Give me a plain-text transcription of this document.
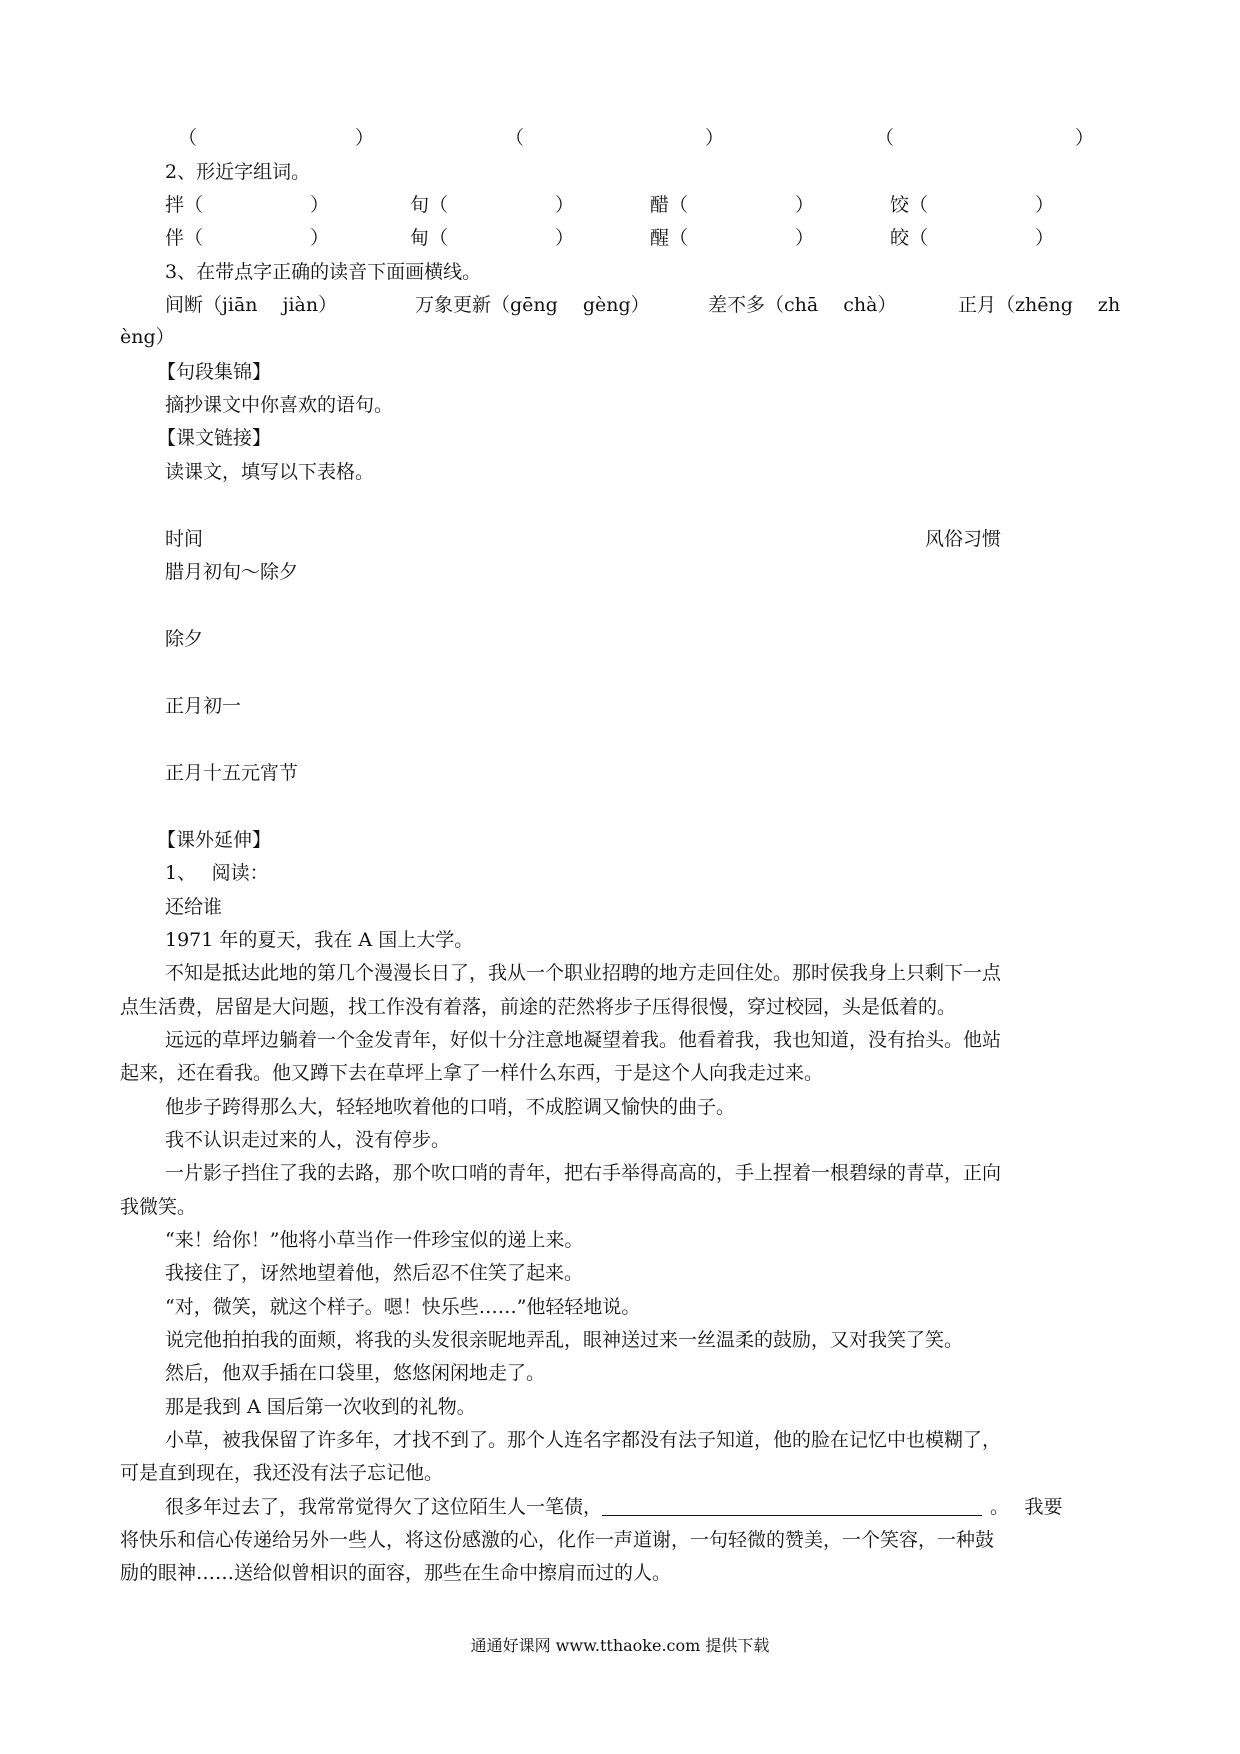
（	）	（	）	（	）
2、形近字组词。
拌（	）	旬（	）	醋（	）	饺（	）
伴（	）	甸（	）	醒（	）	皎（	）
3、在带点字正确的读音下面画横线。
间断（jiān　 jiàn）	万象更新（gēng　 gèng）	差不多（chā　 chà）	正月（zhēng　 zh
èng）
【句段集锦】
摘抄课文中你喜欢的语句。
【课文链接】
读课文，填写以下表格。
时间	风俗习惯
腊月初旬～除夕
除夕
正月初一
正月十五元宵节
【课外延伸】
1、　 阅读：
还给谁
1971 年的夏天，我在 A 国上大学。
不知是抵达此地的第几个漫漫长日了，我从一个职业招聘的地方走回住处。那时侯我身上只剩下一点
点生活费，居留是大问题，找工作没有着落，前途的茫然将步子压得很慢，穿过校园，头是低着的。
远远的草坪边躺着一个金发青年，好似十分注意地凝望着我。他看着我，我也知道，没有抬头。他站
起来，还在看我。他又蹲下去在草坪上拿了一样什么东西，于是这个人向我走过来。
他步子跨得那么大，轻轻地吹着他的口哨，不成腔调又愉快的曲子。
我不认识走过来的人，没有停步。
一片影子挡住了我的去路，那个吹口哨的青年，把右手举得高高的，手上捏着一根碧绿的青草，正向
我微笑。
“来！给你！”他将小草当作一件珍宝似的递上来。
我接住了，讶然地望着他，然后忍不住笑了起来。
“对，微笑，就这个样子。嗯！快乐些……”他轻轻地说。
说完他拍拍我的面颊，将我的头发很亲昵地弄乱，眼神送过来一丝温柔的鼓励，又对我笑了笑。
然后，他双手插在口袋里，悠悠闲闲地走了。
那是我到 A 国后第一次收到的礼物。
小草，被我保留了许多年，才找不到了。那个人连名字都没有法子知道，他的脸在记忆中也模糊了，
可是直到现在，我还没有法子忘记他。
很多年过去了，我常常觉得欠了这位陌生人一笔债，	。　 我要
将快乐和信心传递给另外一些人，将这份感激的心，化作一声道谢，一句轻微的赞美，一个笑容，一种鼓
励的眼神……送给似曾相识的面容，那些在生命中擦肩而过的人。
通通好课网 www.tthaoke.com 提供下载
